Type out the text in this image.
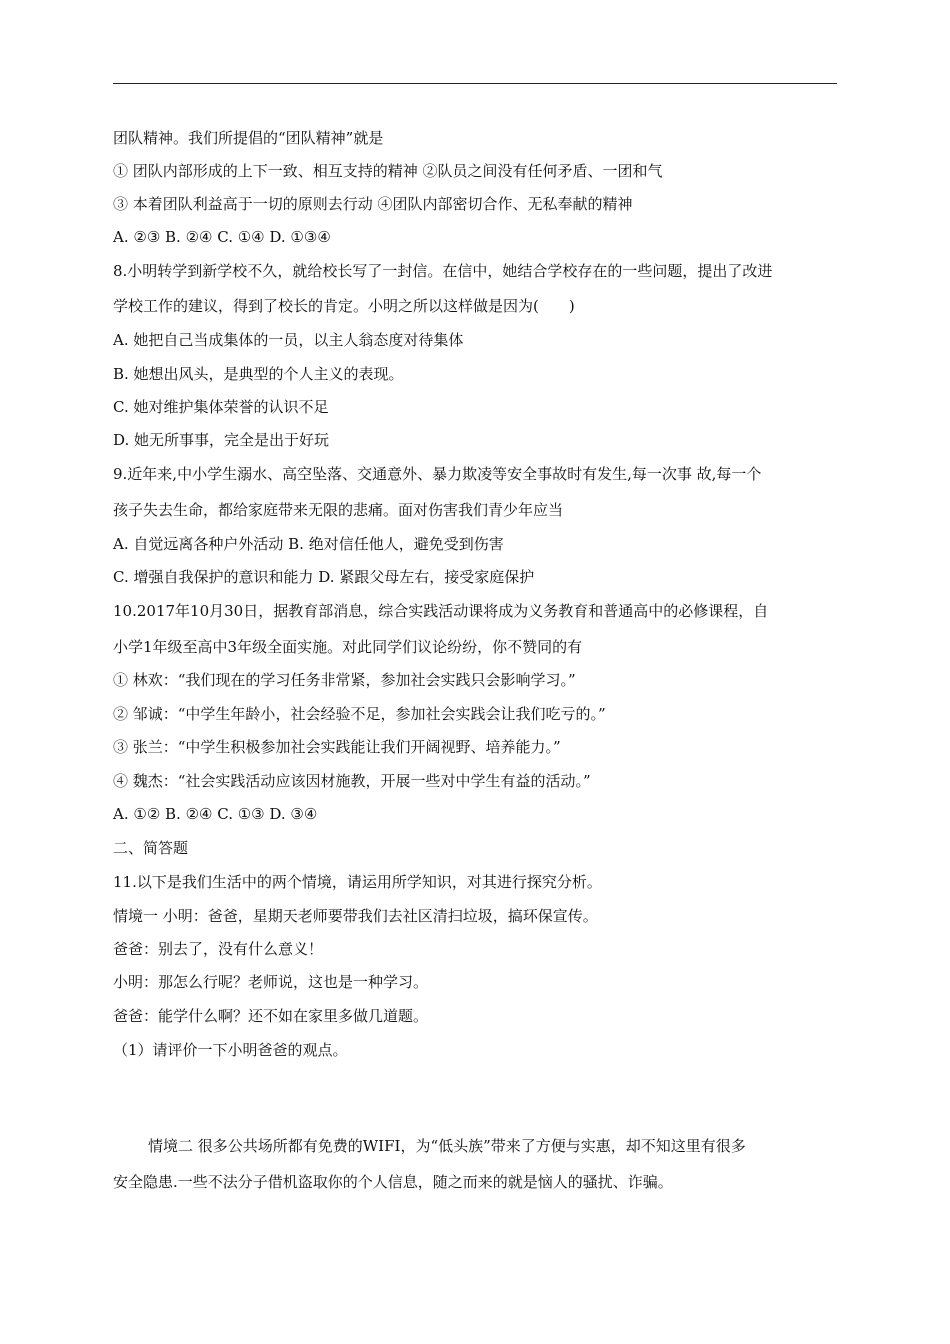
团队精神。我们所提倡的“团队精神”就是
① 团队内部形成的上下一致、相互支持的精神 ②队员之间没有任何矛盾、一团和气
③ 本着团队利益高于一切的原则去行动 ④团队内部密切合作、无私奉献的精神
A. ②③ B. ②④ C. ①④ D. ①③④
8.小明转学到新学校不久，就给校长写了一封信。在信中，她结合学校存在的一些问题，提出了改进
学校工作的建议，得到了校长的肯定。小明之所以这样做是因为(　　)
A. 她把自己当成集体的一员，以主人翁态度对待集体
B. 她想出风头，是典型的个人主义的表现。
C. 她对维护集体荣誉的认识不足
D. 她无所事事，完全是出于好玩
9.近年来,中小学生溺水、高空坠落、交通意外、暴力欺凌等安全事故时有发生,每一次事 故,每一个
孩子失去生命，都给家庭带来无限的悲痛。面对伤害我们青少年应当
A. 自觉远离各种户外活动 B. 绝对信任他人，避免受到伤害
C. 增强自我保护的意识和能力 D. 紧跟父母左右，接受家庭保护
10.2017年10月30日，据教育部消息，综合实践活动课将成为义务教育和普通高中的必修课程，自
小学1年级至高中3年级全面实施。对此同学们议论纷纷，你不赞同的有
① 林欢：“我们现在的学习任务非常紧，参加社会实践只会影响学习。”
② 邹诚：“中学生年龄小，社会经验不足，参加社会实践会让我们吃亏的。”
③ 张兰：“中学生积极参加社会实践能让我们开阔视野、培养能力。”
④ 魏杰：“社会实践活动应该因材施教，开展一些对中学生有益的活动。”
A. ①② B. ②④ C. ①③ D. ③④
二、简答题
11.以下是我们生活中的两个情境，请运用所学知识，对其进行探究分析。
情境一 小明：爸爸，星期天老师要带我们去社区清扫垃圾，搞环保宣传。
爸爸：别去了，没有什么意义！
小明：那怎么行呢？老师说，这也是一种学习。
爸爸：能学什么啊？还不如在家里多做几道题。
（1）请评价一下小明爸爸的观点。
情境二 很多公共场所都有免费的WIFI，为“低头族”带来了方便与实惠，却不知这里有很多
安全隐患.一些不法分子借机盗取你的个人信息，随之而来的就是恼人的骚扰、诈骗。
